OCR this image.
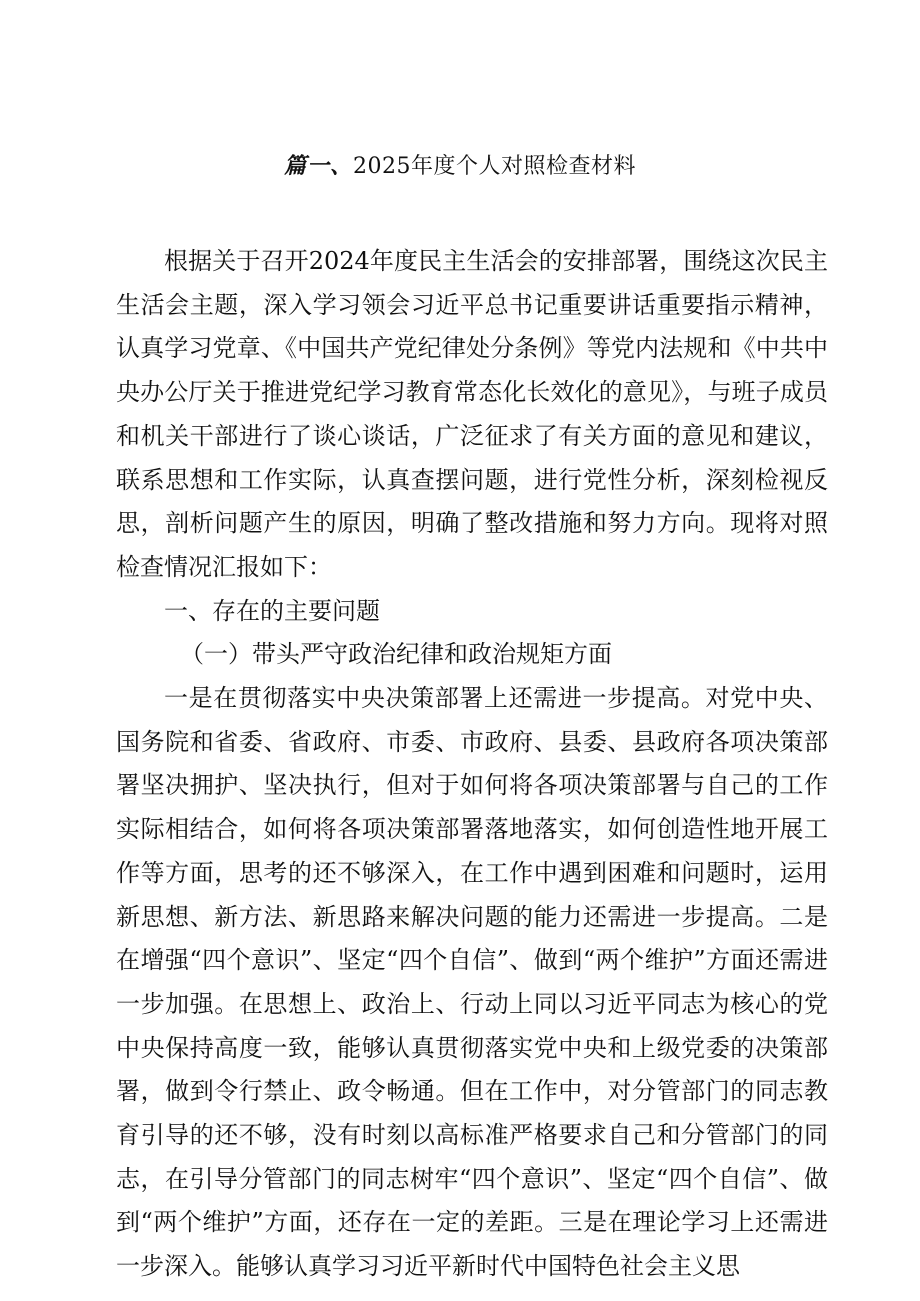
篇一、2025年度个人对照检查材料

根据关于召开2024年度民主生活会的安排部署，围绕这次民主生活会主题，深入学习领会习近平总书记重要讲话重要指示精神，认真学习党章、《中国共产党纪律处分条例》等党内法规和《中共中央办公厅关于推进党纪学习教育常态化长效化的意见》，与班子成员和机关干部进行了谈心谈话，广泛征求了有关方面的意见和建议，联系思想和工作实际，认真查摆问题，进行党性分析，深刻检视反思，剖析问题产生的原因，明确了整改措施和努力方向。现将对照检查情况汇报如下：

一、存在的主要问题

（一）带头严守政治纪律和政治规矩方面

一是在贯彻落实中央决策部署上还需进一步提高。对党中央、国务院和省委、省政府、市委、市政府、县委、县政府各项决策部署坚决拥护、坚决执行，但对于如何将各项决策部署与自己的工作实际相结合，如何将各项决策部署落地落实，如何创造性地开展工作等方面，思考的还不够深入，在工作中遇到困难和问题时，运用新思想、新方法、新思路来解决问题的能力还需进一步提高。二是在增强“四个意识”、坚定“四个自信”、做到“两个维护”方面还需进一步加强。在思想上、政治上、行动上同以习近平同志为核心的党中央保持高度一致，能够认真贯彻落实党中央和上级党委的决策部署，做到令行禁止、政令畅通。但在工作中，对分管部门的同志教育引导的还不够，没有时刻以高标准严格要求自己和分管部门的同志，在引导分管部门的同志树牢“四个意识”、坚定“四个自信”、做到“两个维护”方面，还存在一定的差距。三是在理论学习上还需进一步深入。能够认真学习习近平新时代中国特色社会主义思
